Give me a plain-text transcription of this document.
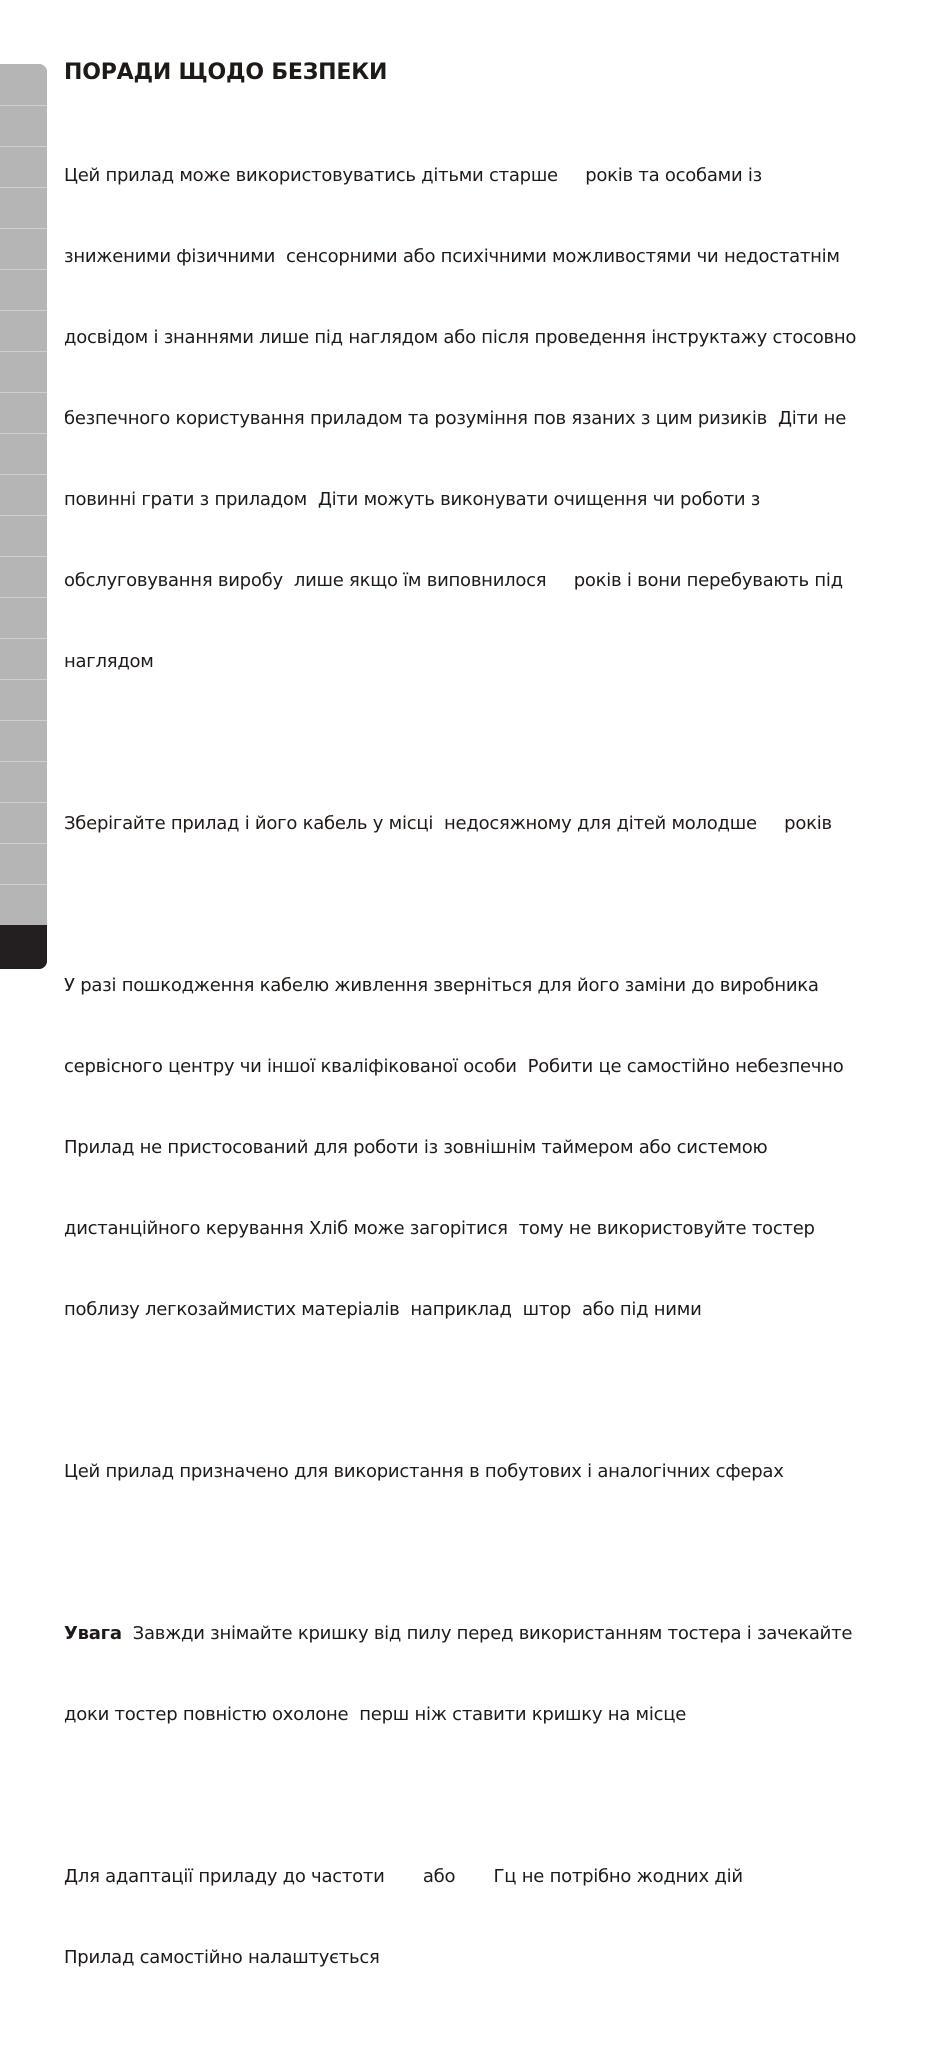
ПОРАДИ ЩОДО БЕЗПЕКИ

Цей прилад може використовуватись дітьми старше     років та особами із

зниженими фізичними  сенсорними або психічними можливостями чи недостатнім

досвідом і знаннями лише під наглядом або після проведення інструктажу стосовно

безпечного користування приладом та розуміння пов язаних з цим ризиків  Діти не

повинні грати з приладом  Діти можуть виконувати очищення чи роботи з

обслуговування виробу  лише якщо їм виповнилося     років і вони перебувають під

наглядом

Зберігайте прилад і його кабель у місці  недосяжному для дітей молодше     років

У разі пошкодження кабелю живлення зверніться для його заміни до виробника

сервісного центру чи іншої кваліфікованої особи  Робити це самостійно небезпечно

Прилад не пристосований для роботи із зовнішнім таймером або системою

дистанційного керування Хліб може загорітися  тому не використовуйте тостер

поблизу легкозаймистих матеріалів  наприклад  штор  або під ними

Цей прилад призначено для використання в побутових і аналогічних сферах

Увага  Завжди знімайте кришку від пилу перед використанням тостера і зачекайте

доки тостер повністю охолоне  перш ніж ставити кришку на місце

Для адаптації приладу до частоти       або       Гц не потрібно жодних дій

Прилад самостійно налаштується
